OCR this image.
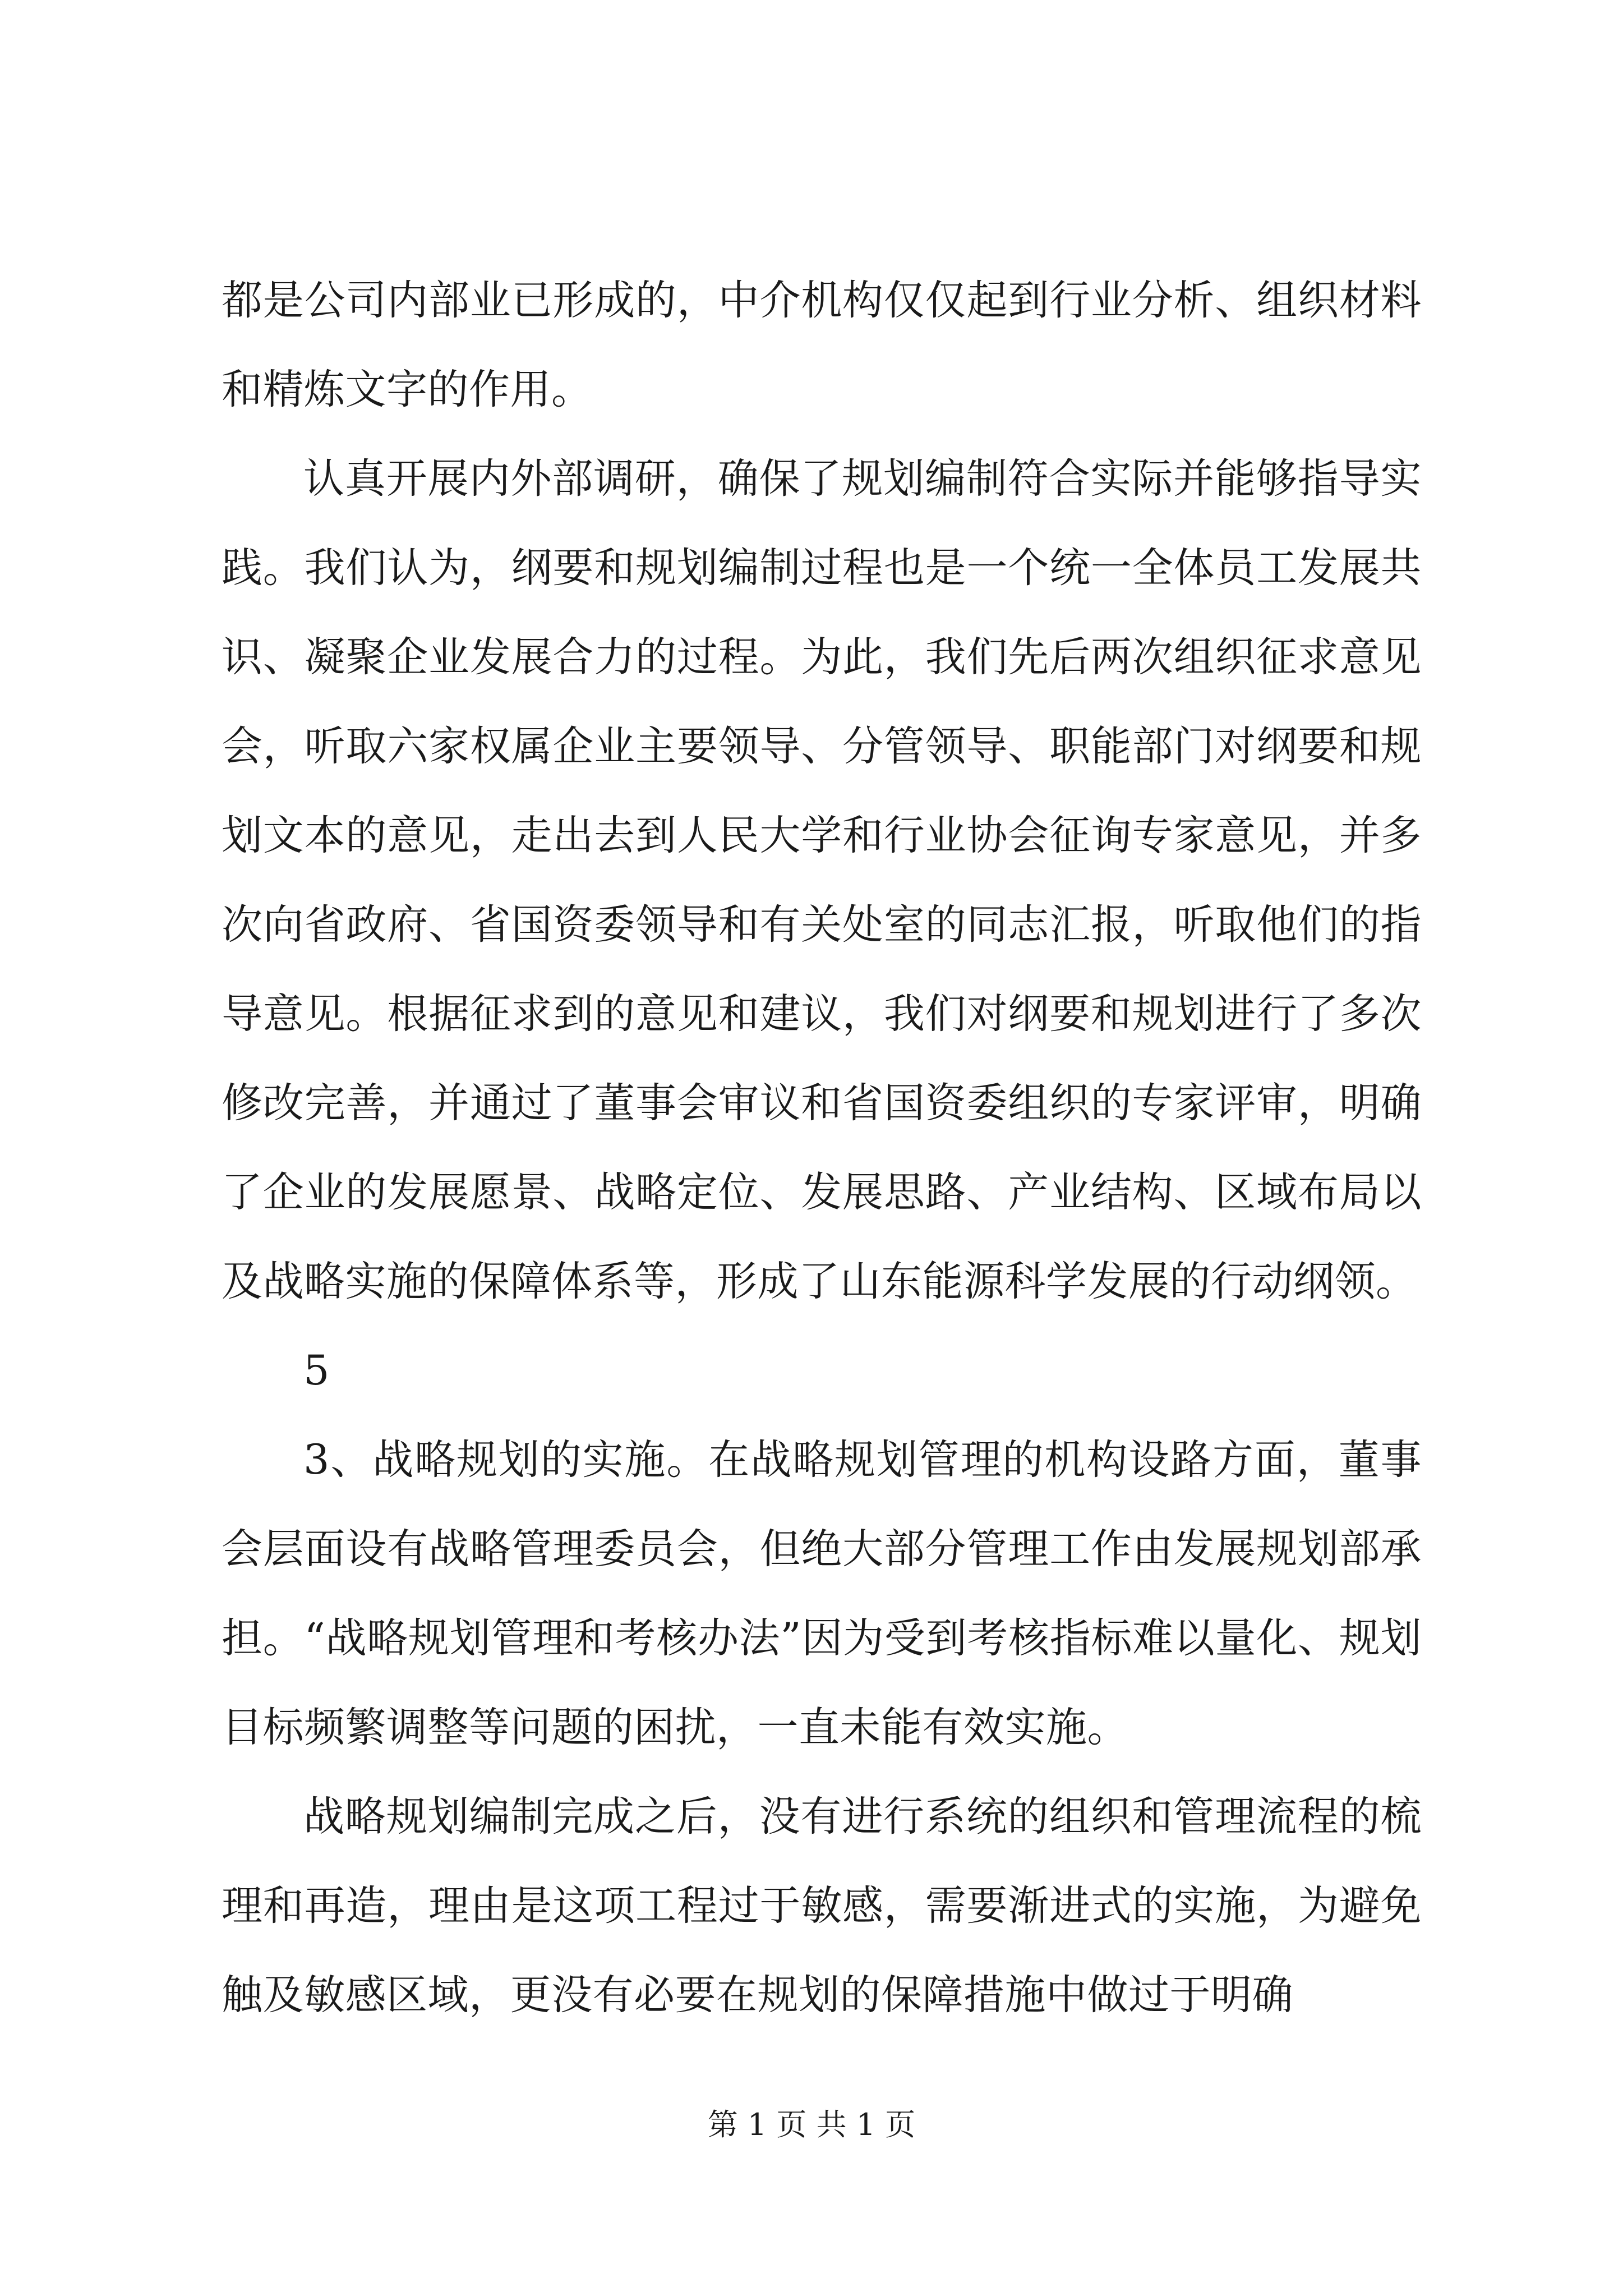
都是公司内部业已形成的，中介机构仅仅起到行业分析、组织材料和精炼文字的作用。

认真开展内外部调研，确保了规划编制符合实际并能够指导实践。我们认为，纲要和规划编制过程也是一个统一全体员工发展共识、凝聚企业发展合力的过程。为此，我们先后两次组织征求意见会，听取六家权属企业主要领导、分管领导、职能部门对纲要和规划文本的意见，走出去到人民大学和行业协会征询专家意见，并多次向省政府、省国资委领导和有关处室的同志汇报，听取他们的指导意见。根据征求到的意见和建议，我们对纲要和规划进行了多次修改完善，并通过了董事会审议和省国资委组织的专家评审，明确了企业的发展愿景、战略定位、发展思路、产业结构、区域布局以及战略实施的保障体系等，形成了山东能源科学发展的行动纲领。

5

3、战略规划的实施。在战略规划管理的机构设路方面，董事会层面设有战略管理委员会，但绝大部分管理工作由发展规划部承担。“战略规划管理和考核办法”因为受到考核指标难以量化、规划目标频繁调整等问题的困扰，一直未能有效实施。

战略规划编制完成之后，没有进行系统的组织和管理流程的梳理和再造，理由是这项工程过于敏感，需要渐进式的实施，为避免触及敏感区域，更没有必要在规划的保障措施中做过于明确

第 1 页 共 1 页
